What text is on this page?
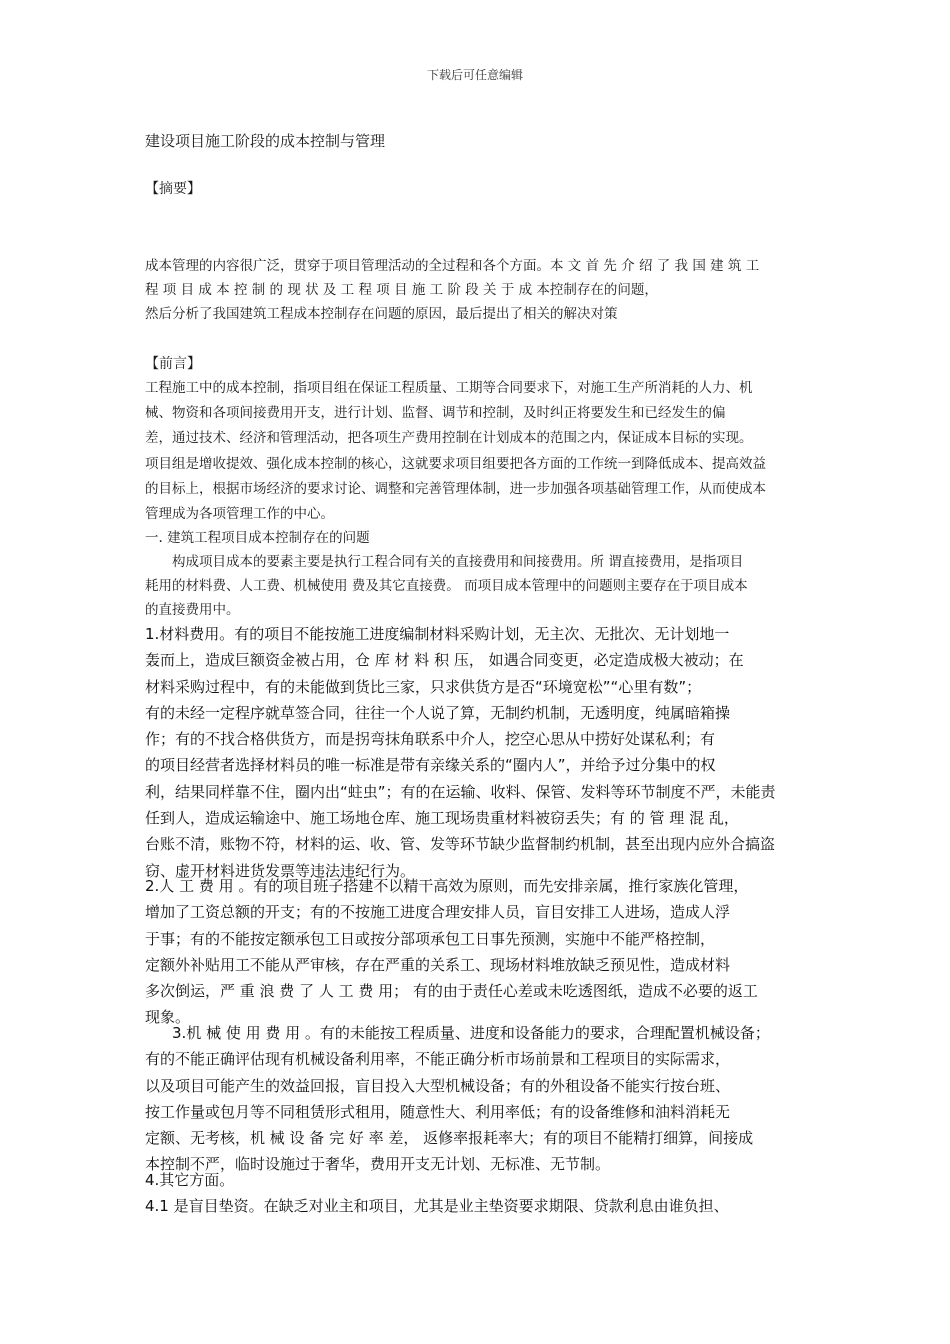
下载后可任意编辑
建设项目施工阶段的成本控制与管理
【摘要】
成本管理的内容很广泛，贯穿于项目管理活动的全过程和各个方面。本 文 首 先 介 绍 了 我 国 建 筑 工
程 项 目 成 本 控 制 的 现 状 及 工 程 项 目 施 工 阶 段 关 于 成 本控制存在的问题，
然后分析了我国建筑工程成本控制存在问题的原因，最后提出了相关的解决对策
【前言】
工程施工中的成本控制，指项目组在保证工程质量、工期等合同要求下，对施工生产所消耗的人力、机
械、物资和各项间接费用开支，进行计划、监督、调节和控制，及时纠正将要发生和已经发生的偏
差，通过技术、经济和管理活动，把各项生产费用控制在计划成本的范围之内，保证成本目标的实现。
项目组是增收提效、强化成本控制的核心，这就要求项目组要把各方面的工作统一到降低成本、提高效益
的目标上，根据市场经济的要求讨论、调整和完善管理体制，进一步加强各项基础管理工作，从而使成本
管理成为各项管理工作的中心。
一. 建筑工程项目成本控制存在的问题
构成项目成本的要素主要是执行工程合同有关的直接费用和间接费用。所 谓直接费用，是指项目
耗用的材料费、人工费、机械使用 费及其它直接费。 而项目成本管理中的问题则主要存在于项目成本
的直接费用中。
1.材料费用。有的项目不能按施工进度编制材料采购计划，无主次、无批次、无计划地一
轰而上，造成巨额资金被占用，仓 库 材 料 积 压， 如遇合同变更，必定造成极大被动；在
材料采购过程中，有的未能做到货比三家，只求供货方是否“环境宽松”“心里有数”；
有的未经一定程序就草签合同，往往一个人说了算，无制约机制，无透明度，纯属暗箱操
作；有的不找合格供货方，而是拐弯抹角联系中介人，挖空心思从中捞好处谋私利；有
的项目经营者选择材料员的唯一标准是带有亲缘关系的“圈内人”，并给予过分集中的权
利，结果同样靠不住，圈内出“蛀虫”；有的在运输、收料、保管、发料等环节制度不严，未能责
任到人，造成运输途中、施工场地仓库、施工现场贵重材料被窃丢失；有 的 管 理 混 乱，
台账不清，账物不符，材料的运、收、管、发等环节缺少监督制约机制，甚至出现内应外合搞盗
窃、虚开材料进货发票等违法违纪行为。
2.人 工 费 用 。有的项目班子搭建不以精干高效为原则，而先安排亲属，推行家族化管理，
增加了工资总额的开支；有的不按施工进度合理安排人员，盲目安排工人进场，造成人浮
于事；有的不能按定额承包工日或按分部项承包工日事先预测，实施中不能严格控制，
定额外补贴用工不能从严审核，存在严重的关系工、现场材料堆放缺乏预见性，造成材料
多次倒运，严 重 浪 费 了 人 工 费 用； 有的由于责任心差或未吃透图纸，造成不必要的返工
现象。
3.机 械 使 用 费 用 。有的未能按工程质量、进度和设备能力的要求，合理配置机械设备；
有的不能正确评估现有机械设备利用率，不能正确分析市场前景和工程项目的实际需求，
以及项目可能产生的效益回报，盲目投入大型机械设备；有的外租设备不能实行按台班、
按工作量或包月等不同租赁形式租用，随意性大、利用率低；有的设备维修和油料消耗无
定额、无考核，机 械 设 备 完 好 率 差， 返修率报耗率大；有的项目不能精打细算，间接成
本控制不严，临时设施过于奢华，费用开支无计划、无标准、无节制。
4.其它方面。
4.1 是盲目垫资。在缺乏对业主和项目，尤其是业主垫资要求期限、贷款利息由谁负担、
